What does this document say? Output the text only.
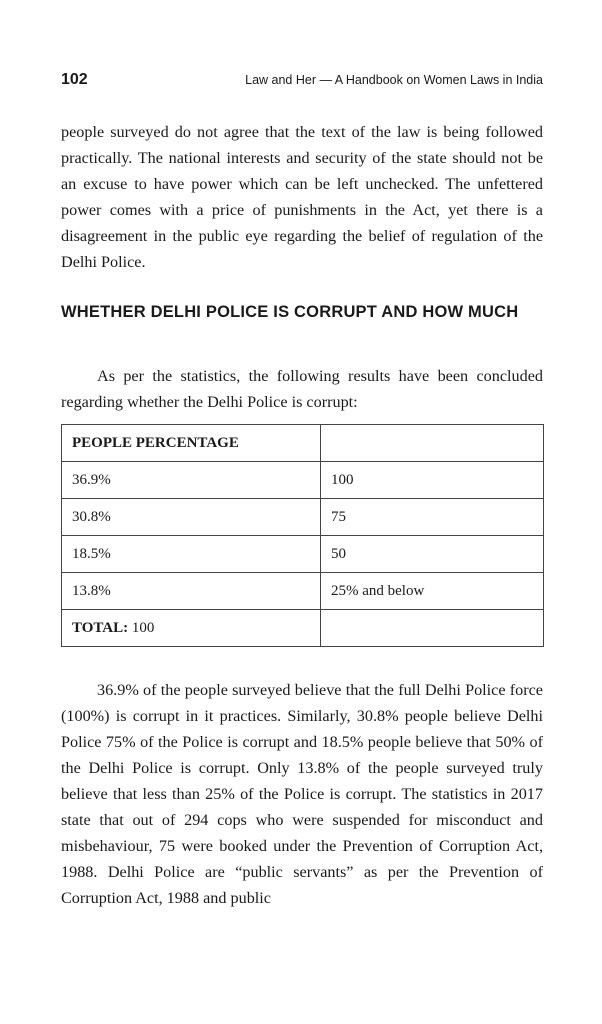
102	Law and Her — A Handbook on Women Laws in India

people surveyed do not agree that the text of the law is being followed practically. The national interests and security of the state should not be an excuse to have power which can be left unchecked. The unfettered power comes with a price of punishments in the Act, yet there is a disagreement in the public eye regarding the belief of regulation of the Delhi Police.

WHETHER DELHI POLICE IS CORRUPT AND HOW MUCH

As per the statistics, the following results have been concluded regarding whether the Delhi Police is corrupt:

PEOPLE PERCENTAGE	
36.9%	100
30.8%	75
18.5%	50
13.8%	25% and below
TOTAL: 100	

36.9% of the people surveyed believe that the full Delhi Police force (100%) is corrupt in it practices. Similarly, 30.8% people believe Delhi Police 75% of the Police is corrupt and 18.5% people believe that 50% of the Delhi Police is corrupt. Only 13.8% of the people surveyed truly believe that less than 25% of the Police is corrupt. The statistics in 2017 state that out of 294 cops who were suspended for misconduct and misbehaviour, 75 were booked under the Prevention of Corruption Act, 1988. Delhi Police are “public servants” as per the Prevention of Corruption Act, 1988 and public
